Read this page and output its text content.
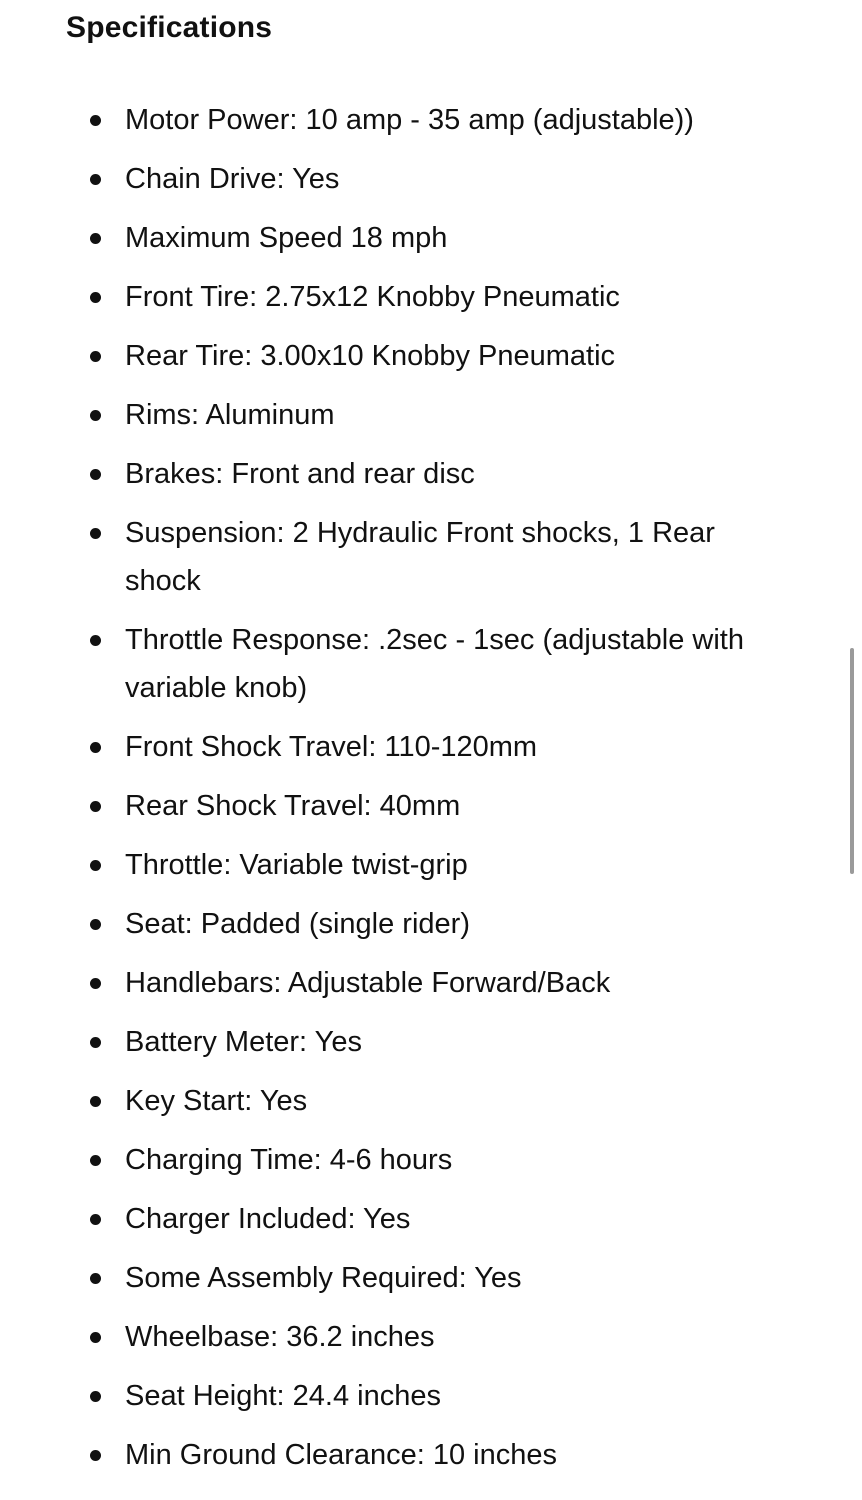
Specifications
Motor Power: 10 amp - 35 amp (adjustable))
Chain Drive: Yes
Maximum Speed 18 mph
Front Tire: 2.75x12 Knobby Pneumatic
Rear Tire: 3.00x10 Knobby Pneumatic
Rims: Aluminum
Brakes: Front and rear disc
Suspension: 2 Hydraulic Front shocks, 1 Rear shock
Throttle Response: .2sec - 1sec (adjustable with variable knob)
Front Shock Travel: 110-120mm
Rear Shock Travel: 40mm
Throttle: Variable twist-grip
Seat: Padded (single rider)
Handlebars: Adjustable Forward/Back
Battery Meter: Yes
Key Start: Yes
Charging Time: 4-6 hours
Charger Included: Yes
Some Assembly Required: Yes
Wheelbase: 36.2 inches
Seat Height: 24.4 inches
Min Ground Clearance: 10 inches
